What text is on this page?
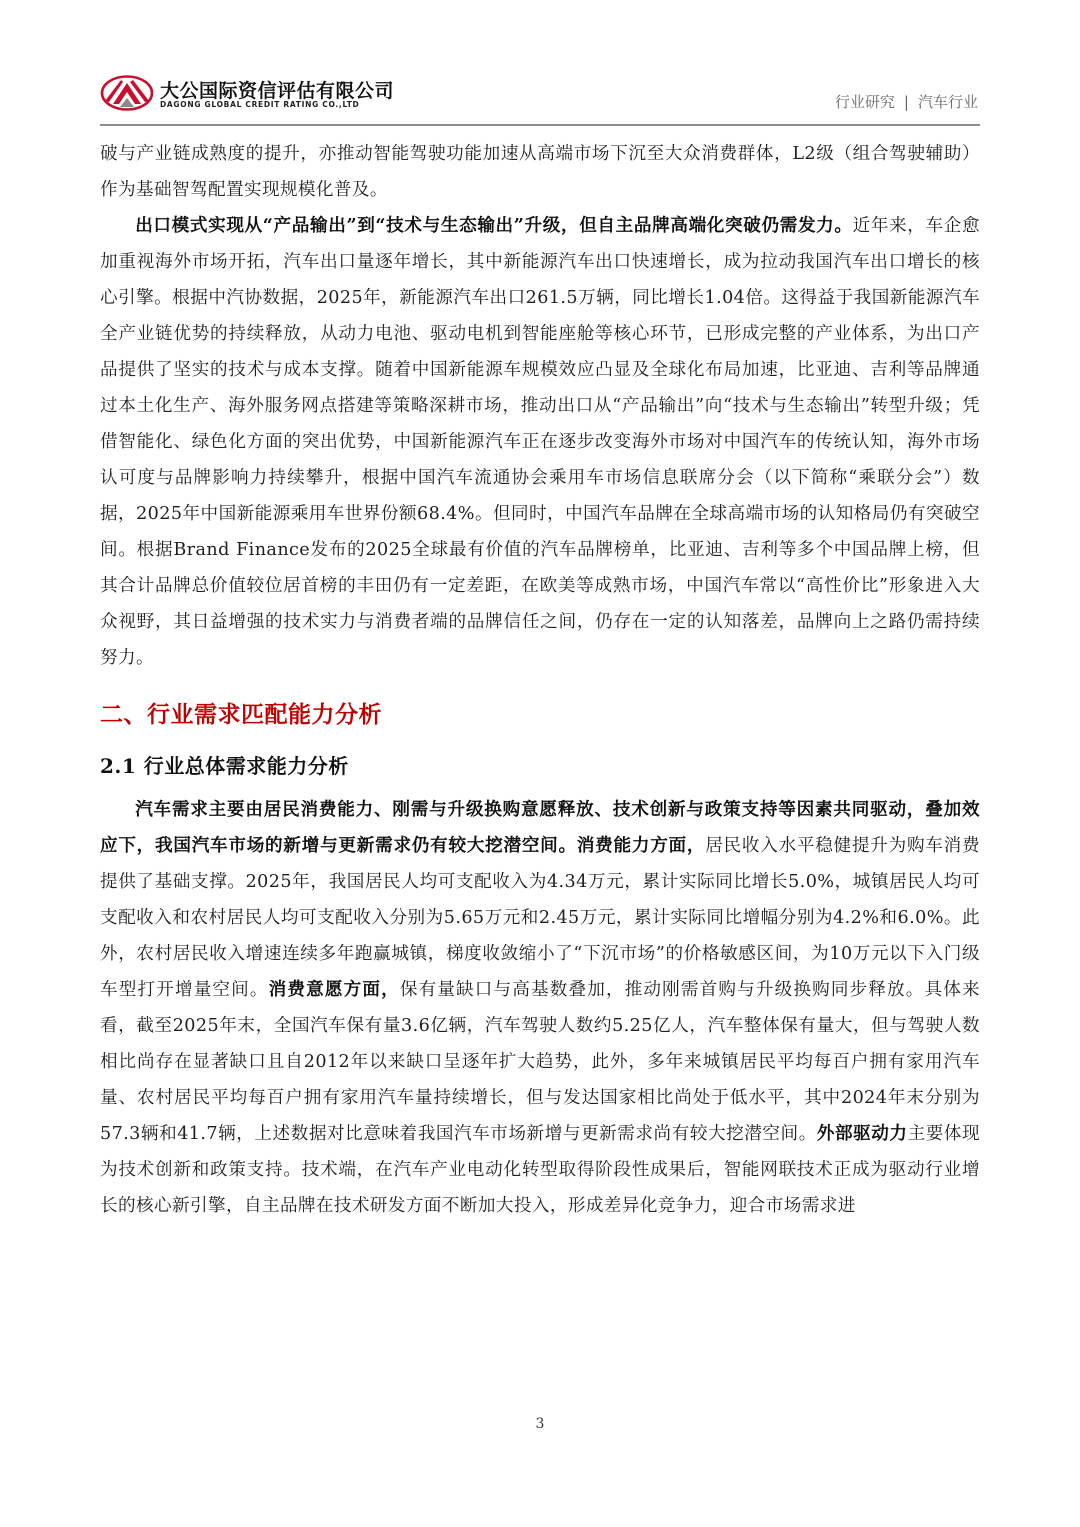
大公国际资信评估有限公司
DAGONG GLOBAL CREDIT RATING CO.,LTD	行业研究 | 汽车行业

破与产业链成熟度的提升，亦推动智能驾驶功能加速从高端市场下沉至大众消费群体，L2级（组合驾驶辅助）作为基础智驾配置实现规模化普及。

出口模式实现从“产品输出”到“技术与生态输出”升级，但自主品牌高端化突破仍需发力。近年来，车企愈加重视海外市场开拓，汽车出口量逐年增长，其中新能源汽车出口快速增长，成为拉动我国汽车出口增长的核心引擎。根据中汽协数据，2025年，新能源汽车出口261.5万辆，同比增长1.04倍。这得益于我国新能源汽车全产业链优势的持续释放，从动力电池、驱动电机到智能座舱等核心环节，已形成完整的产业体系，为出口产品提供了坚实的技术与成本支撑。随着中国新能源车规模效应凸显及全球化布局加速，比亚迪、吉利等品牌通过本土化生产、海外服务网点搭建等策略深耕市场，推动出口从“产品输出”向“技术与生态输出”转型升级；凭借智能化、绿色化方面的突出优势，中国新能源汽车正在逐步改变海外市场对中国汽车的传统认知，海外市场认可度与品牌影响力持续攀升，根据中国汽车流通协会乘用车市场信息联席分会（以下简称“乘联分会”）数据，2025年中国新能源乘用车世界份额68.4%。但同时，中国汽车品牌在全球高端市场的认知格局仍有突破空间。根据Brand Finance发布的2025全球最有价值的汽车品牌榜单，比亚迪、吉利等多个中国品牌上榜，但其合计品牌总价值较位居首榜的丰田仍有一定差距，在欧美等成熟市场，中国汽车常以“高性价比”形象进入大众视野，其日益增强的技术实力与消费者端的品牌信任之间，仍存在一定的认知落差，品牌向上之路仍需持续努力。

二、行业需求匹配能力分析
2.1 行业总体需求能力分析

汽车需求主要由居民消费能力、刚需与升级换购意愿释放、技术创新与政策支持等因素共同驱动，叠加效应下，我国汽车市场的新增与更新需求仍有较大挖潜空间。消费能力方面，居民收入水平稳健提升为购车消费提供了基础支撑。2025年，我国居民人均可支配收入为4.34万元，累计实际同比增长5.0%，城镇居民人均可支配收入和农村居民人均可支配收入分别为5.65万元和2.45万元，累计实际同比增幅分别为4.2%和6.0%。此外，农村居民收入增速连续多年跑赢城镇，梯度收敛缩小了“下沉市场”的价格敏感区间，为10万元以下入门级车型打开增量空间。消费意愿方面，保有量缺口与高基数叠加，推动刚需首购与升级换购同步释放。具体来看，截至2025年末，全国汽车保有量3.6亿辆，汽车驾驶人数约5.25亿人，汽车整体保有量大，但与驾驶人数相比尚存在显著缺口且自2012年以来缺口呈逐年扩大趋势，此外，多年来城镇居民平均每百户拥有家用汽车量、农村居民平均每百户拥有家用汽车量持续增长，但与发达国家相比尚处于低水平，其中2024年末分别为57.3辆和41.7辆，上述数据对比意味着我国汽车市场新增与更新需求尚有较大挖潜空间。外部驱动力主要体现为技术创新和政策支持。技术端，在汽车产业电动化转型取得阶段性成果后，智能网联技术正成为驱动行业增长的核心新引擎，自主品牌在技术研发方面不断加大投入，形成差异化竞争力，迎合市场需求进

3
